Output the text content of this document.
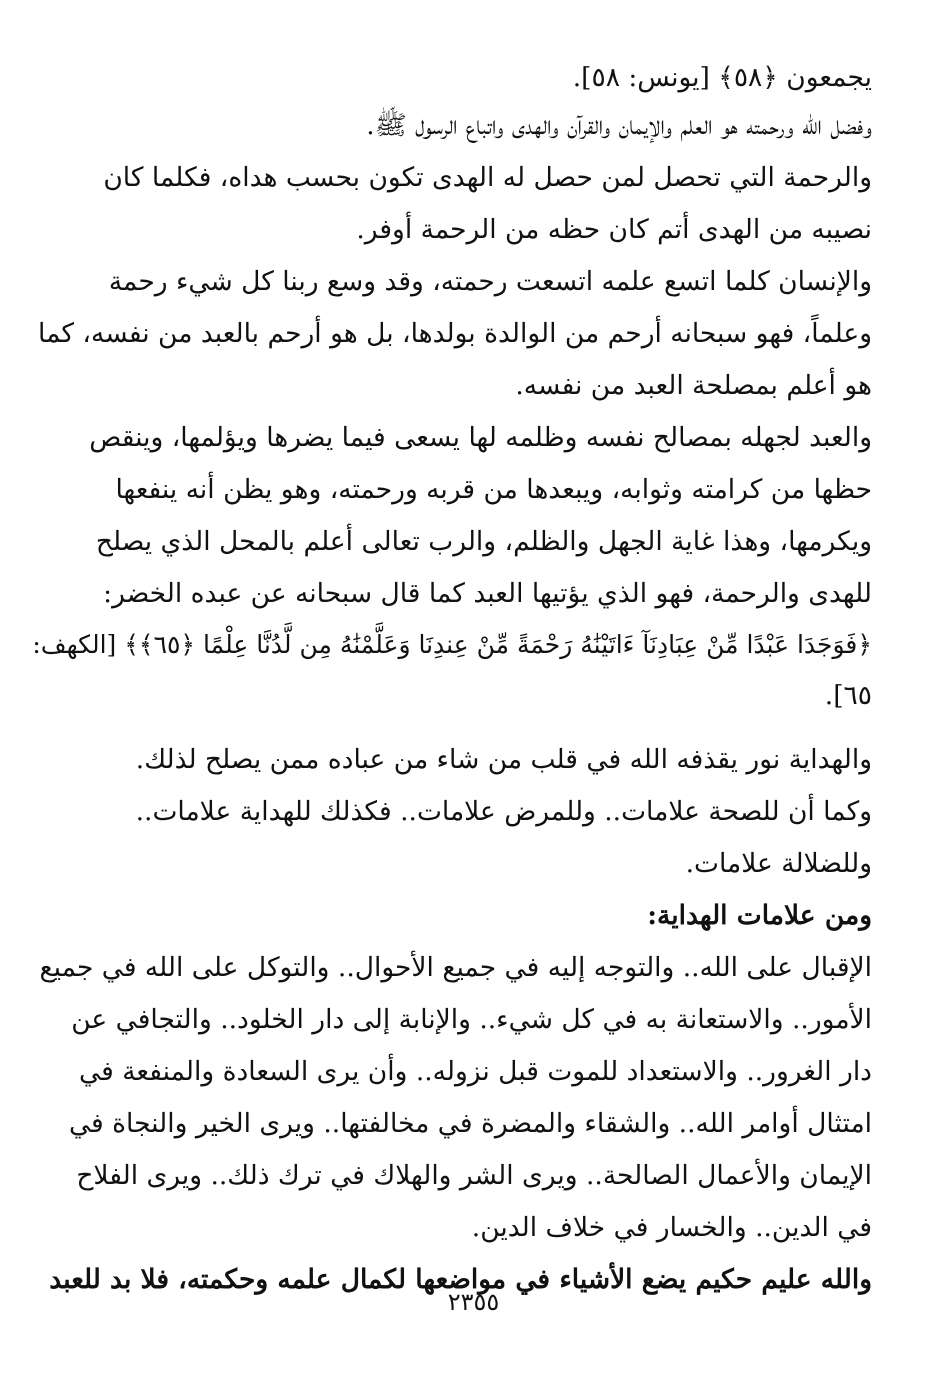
يجمعون ﴿٥٨﴾ [يونس: ٥٨].
وفضل الله ورحمته هو العلم والإيمان والقرآن والهدى واتباع الرسول ﷺ.
والرحمة التي تحصل لمن حصل له الهدى تكون بحسب هداه، فكلما كان
نصيبه من الهدى أتم كان حظه من الرحمة أوفر.
والإنسان كلما اتسع علمه اتسعت رحمته، وقد وسع ربنا كل شيء رحمة
وعلماً، فهو سبحانه أرحم من الوالدة بولدها، بل هو أرحم بالعبد من نفسه، كما
هو أعلم بمصلحة العبد من نفسه.
والعبد لجهله بمصالح نفسه وظلمه لها يسعى فيما يضرها ويؤلمها، وينقص
حظها من كرامته وثوابه، ويبعدها من قربه ورحمته، وهو يظن أنه ينفعها
ويكرمها، وهذا غاية الجهل والظلم، والرب تعالى أعلم بالمحل الذي يصلح
للهدى والرحمة، فهو الذي يؤتيها العبد كما قال سبحانه عن عبده الخضر:
﴿فَوَجَدَا عَبْدًا مِّنْ عِبَادِنَآ ءَاتَيْنَٰهُ رَحْمَةً مِّنْ عِندِنَا وَعَلَّمْنَٰهُ مِن لَّدُنَّا عِلْمًا ﴿٦٥﴾﴾ [الكهف:
٦٥].
والهداية نور يقذفه الله في قلب من شاء من عباده ممن يصلح لذلك.
وكما أن للصحة علامات.. وللمرض علامات.. فكذلك للهداية علامات..
وللضلالة علامات.
ومن علامات الهداية:
الإقبال على الله.. والتوجه إليه في جميع الأحوال.. والتوكل على الله في جميع
الأمور.. والاستعانة به في كل شيء.. والإنابة إلى دار الخلود.. والتجافي عن
دار الغرور.. والاستعداد للموت قبل نزوله.. وأن يرى السعادة والمنفعة في
امتثال أوامر الله.. والشقاء والمضرة في مخالفتها.. ويرى الخير والنجاة في
الإيمان والأعمال الصالحة.. ويرى الشر والهلاك في ترك ذلك.. ويرى الفلاح
في الدين.. والخسار في خلاف الدين.
والله عليم حكيم يضع الأشياء في مواضعها لكمال علمه وحكمته، فلا بد للعبد
٢٣٥٥
